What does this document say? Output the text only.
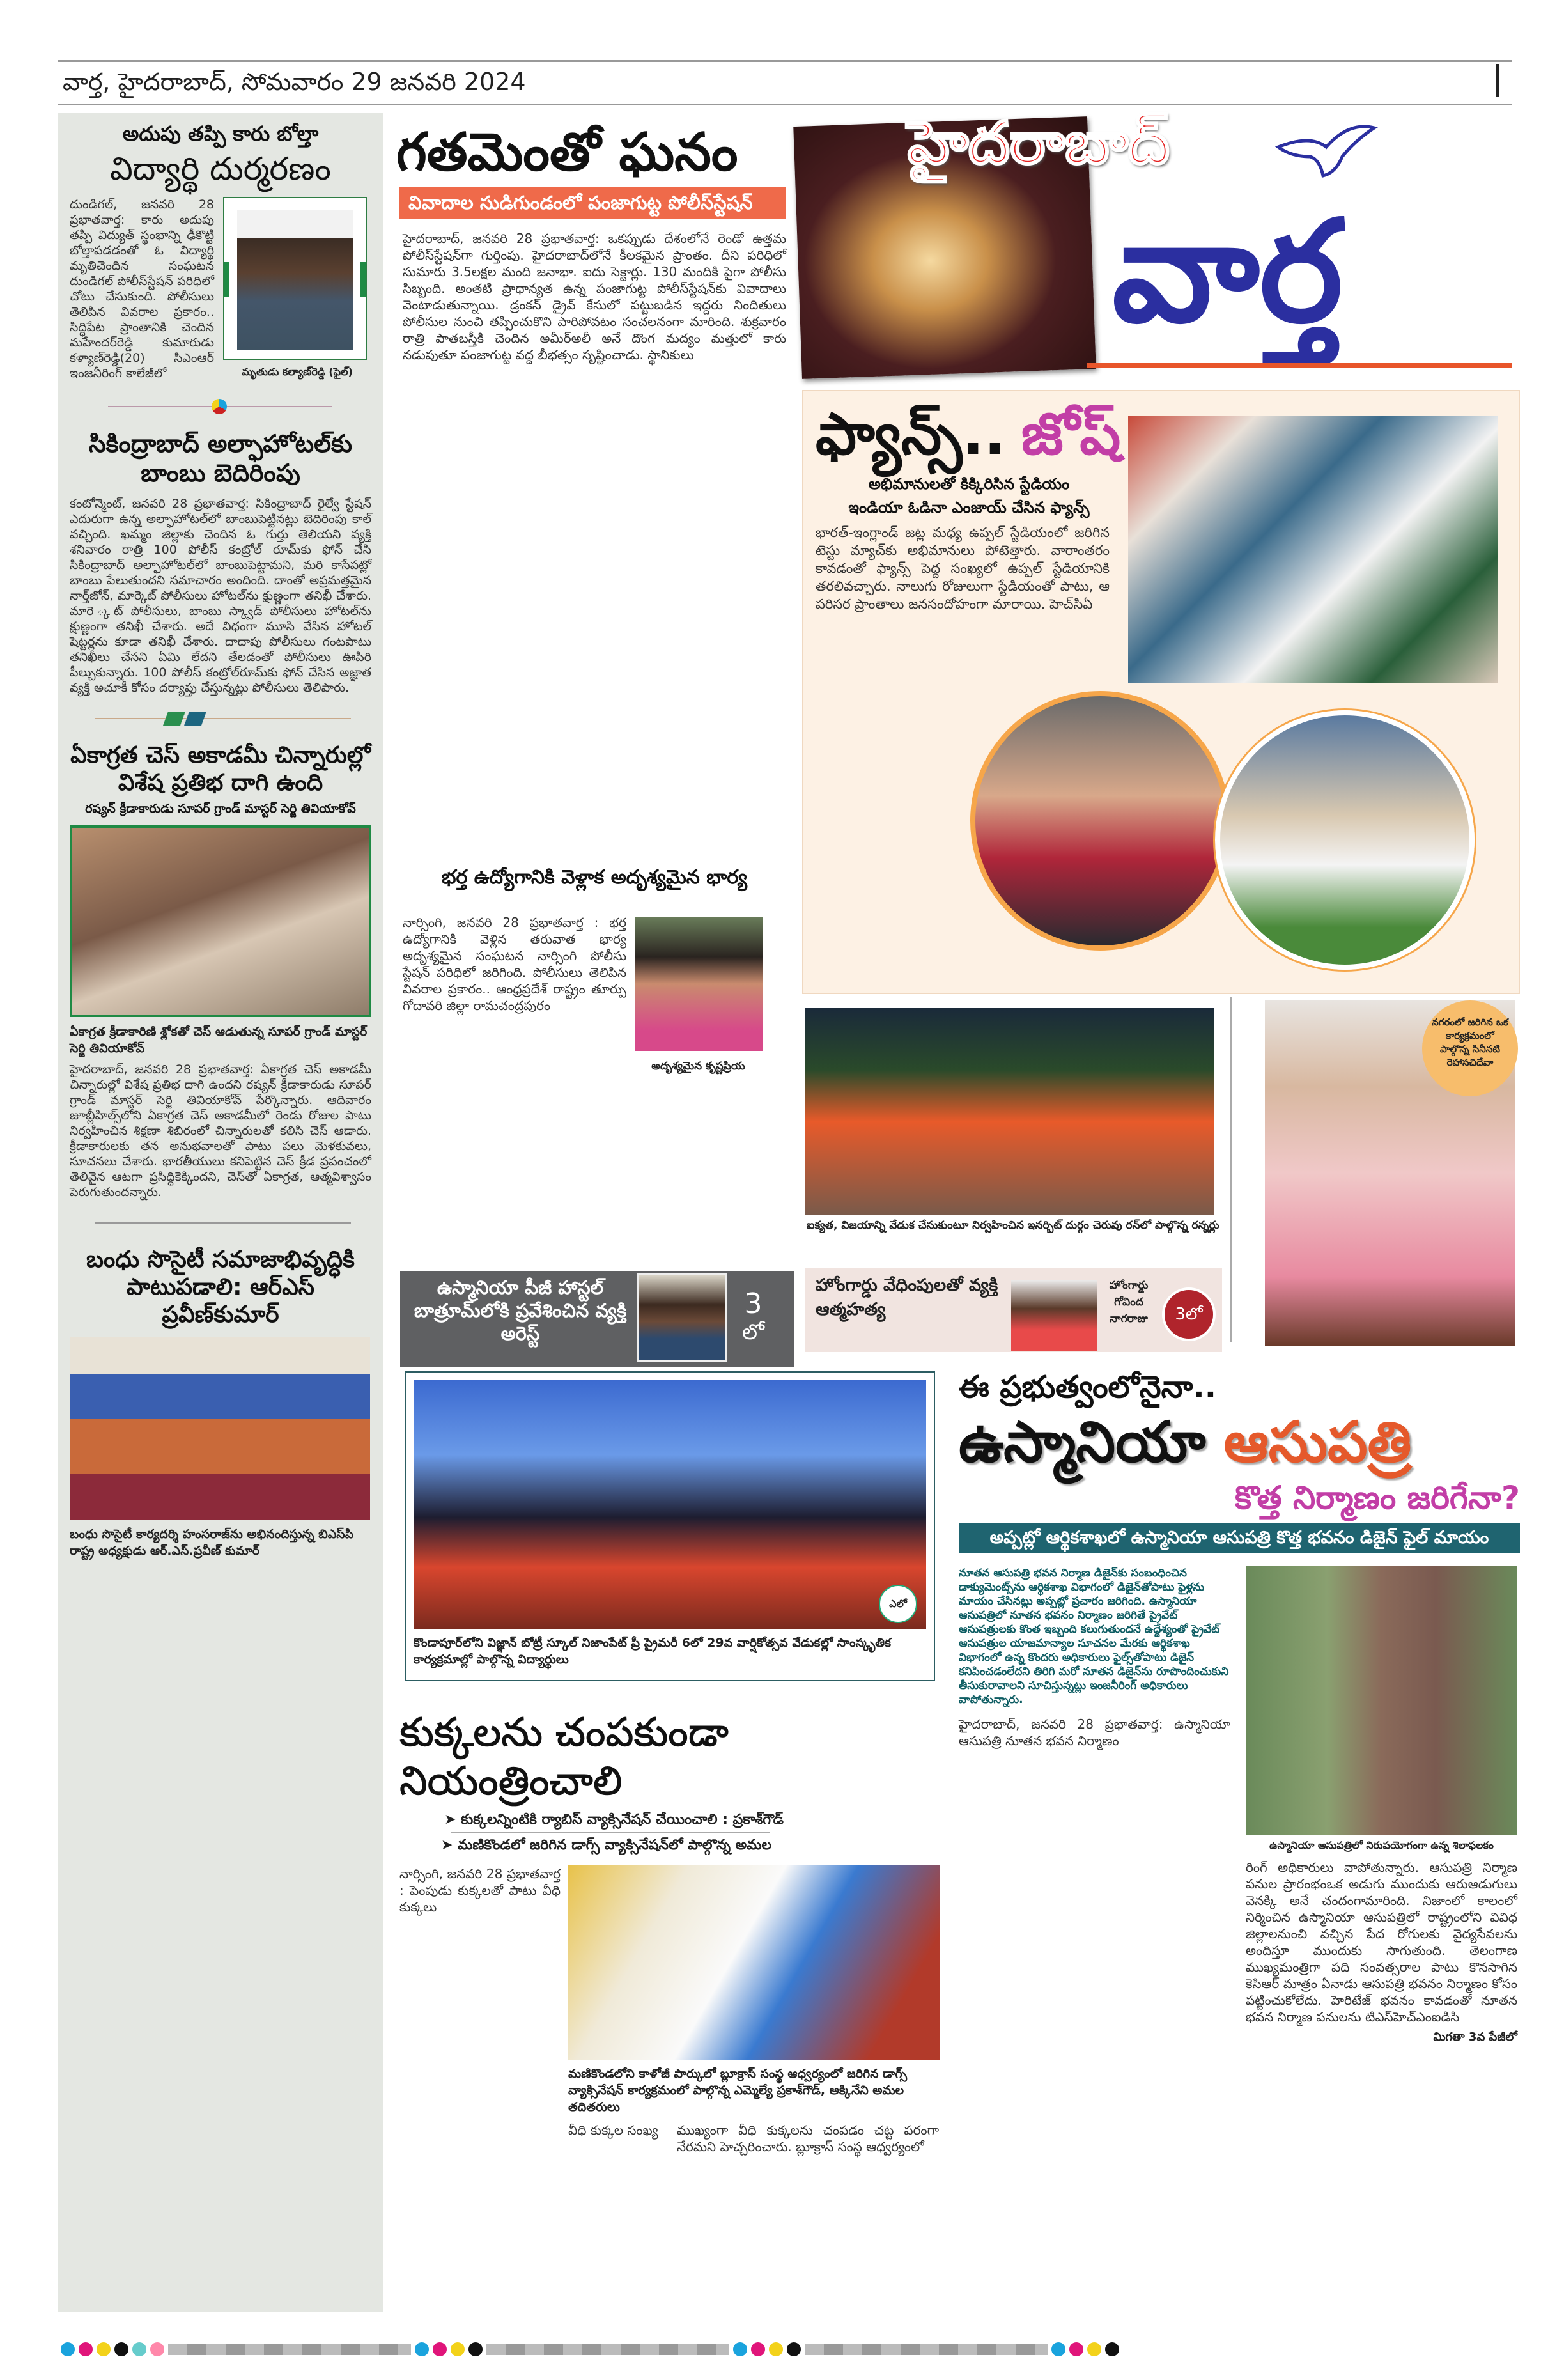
వార్త, హైదరాబాద్, సోమవారం 29 జనవరి 2024
అదుపు తప్పి కారు బోల్తా
విద్యార్థి దుర్మరణం
దుండిగల్, జనవరి 28 ప్రభాతవార్త: కారు అదుపు తప్పి విద్యుత్ స్థంభాన్ని ఢీకొట్టి బోల్తాపడడంతో ఓ విద్యార్థి మృతిచెందిన సంఘటన దుండిగల్ పోలీస్‌స్టేషన్ పరిధిలో చోటు చేసుకుంది. పోలీసులు తెలిపిన వివరాల ప్రకారం.. సిద్ధిపేట ప్రాంతానికి చెందిన మహేందర్‌రెడ్డి కుమారుడు కళ్యాణ్‌రెడ్డి(20) సిఎంఆర్ ఇంజనీరింగ్ కాలేజీలో	మృతుడు కల్యాణ్‌రెడ్డి (ఫైల్)
సికింద్రాబాద్ అల్ఫాహోటల్‌కు బాంబు బెదిరింపు
కంటోన్మెంట్, జనవరి 28 ప్రభాతవార్త: సికింద్రాబాద్ రైల్వే స్టేషన్ ఎదురుగా ఉన్న అల్ఫాహోటల్‌లో బాంబుపెట్టినట్లు బెదిరింపు కాల్ వచ్చింది. ఖమ్మం జిల్లాకు చెందిన ఓ గుర్తు తెలియని వ్యక్తి శనివారం రాత్రి 100 పోలీస్ కంట్రోల్ రూమ్‌కు ఫోన్ చేసి సికింద్రాబాద్ అల్ఫాహోటల్‌లో బాంబుపెట్టామని, మరి కాసేపట్లో బాంబు పేలుతుందని సమాచారం అందింది. దాంతో అప్రమత్తమైన నార్త్‌జోన్, మార్కెట్ పోలీసులు హోటల్‌ను క్షుణ్ణంగా తనిఖీ చేశారు. మారె ్కట్ పోలీసులు, బాంబు స్క్వాడ్ పోలీసులు హోటల్‌ను క్షుణ్ణంగా తనిఖీ చేశారు. అదే విధంగా మూసి వేసిన హోటల్ షెట్టర్లను కూడా తనిఖీ చేశారు. దాదాపు పోలీసులు గంటపాటు తనిఖీలు చేసని ఏమి లేదని తేలడంతో పోలీసులు ఊపిరి పీల్చుకున్నారు. 100 పోలీస్ కంట్రోల్‌రూమ్‌కు ఫోన్ చేసిన అజ్ఞాత వ్యక్తి అచూకీ కోసం దర్యాప్తు చేస్తున్నట్లు పోలీసులు తెలిపారు.
ఏకాగ్రత చెస్ అకాడమీ చిన్నారుల్లో విశేష ప్రతిభ దాగి ఉంది
రష్యన్ క్రీడాకారుడు సూపర్ గ్రాండ్ మాస్టర్ సెర్జి తివియాకోవ్
ఏకాగ్రత క్రీడాకారిణి శ్లోకతో చెస్ ఆడుతున్న సూపర్ గ్రాండ్ మాస్టర్ సెర్జి తివియాకోవ్
హైదరాబాద్, జనవరి 28 ప్రభాతవార్త: ఏకాగ్రత చెస్ అకాడమీ చిన్నారుల్లో విశేష ప్రతిభ దాగి ఉందని రష్యన్ క్రీడాకారుడు సూపర్ గ్రాండ్ మాస్టర్ సెర్జి తివియాకోవ్ పేర్కొన్నారు. ఆదివారం జూబ్లీహిల్స్‌లోని ఏకాగ్రత చెస్ అకాడమీలో రెండు రోజుల పాటు నిర్వహించిన శిక్షణా శిబిరంలో చిన్నారులతో కలిసి చెస్ ఆడారు. క్రీడాకారులకు తన అనుభవాలతో పాటు పలు మెళకువలు, సూచనలు చేశారు. భారతీయులు కనిపెట్టిన చెస్ క్రీడ ప్రపంచంలో తెలివైన ఆటగా ప్రసిద్ధికెక్కిందని, చెస్‌తో ఏకాగ్రత, ఆత్మవిశ్వాసం పెరుగుతుందన్నారు.
బంధు సొసైటీ సమాజాభివృద్ధికి పాటుపడాలి: ఆర్‌ఎస్ ప్రవీణ్‌కుమార్
బంధు సొసైటీ కార్యదర్శి హంసరాజ్‌ను అభినందిస్తున్న బిఎస్‌పి రాష్ట్ర అధ్యక్షుడు ఆర్.ఎస్.ప్రవీణ్ కుమార్
గతమెంతో ఘనం
వివాదాల సుడిగుండంలో పంజాగుట్ట పోలీస్‌స్టేషన్
హైదరాబాద్, జనవరి 28 ప్రభాతవార్త: ఒకప్పుడు దేశంలోనే రెండో ఉత్తమ పోలీస్‌స్టేషన్‌గా గుర్తింపు. హైదరాబాద్‌లోనే కీలకమైన ప్రాంతం. దీని పరిధిలో సుమారు 3.5లక్షల మంది జనాభా. ఐదు సెక్టార్లు. 130 మందికి పైగా పోలీసు సిబ్బంది. అంతటి ప్రాధాన్యత ఉన్న పంజాగుట్ట పోలీస్‌స్టేషన్‌కు వివాదాలు వెంటాడుతున్నాయి. డ్రంకన్ డ్రైవ్ కేసులో పట్టుబడిన ఇద్దరు నిందితులు పోలీసుల నుంచి తప్పించుకొని పారిపోవటం సంచలనంగా మారింది. శుక్రవారం రాత్రి పాతబస్తీకి చెందిన అమీర్‌అలీ అనే దొంగ మద్యం మత్తులో కారు నడుపుతూ పంజాగుట్ట వద్ద బీభత్సం సృష్టించాడు. స్థానికులు
భర్త ఉద్యోగానికి వెళ్లాక అదృశ్యమైన భార్య
నార్సింగి, జనవరి 28 ప్రభాతవార్త : భర్త ఉద్యోగానికి వెళ్లిన తరువాత భార్య అదృశ్యమైన సంఘటన నార్సింగి పోలీసు స్టేషన్ పరిధిలో జరిగింది. పోలీసులు తెలిపిన వివరాల ప్రకారం.. ఆంధ్రప్రదేశ్ రాష్ట్రం తూర్పు గోదావరి జిల్లా రామచంద్రపురం
అదృశ్యమైన కృష్ణప్రియ
ఉస్మానియా పీజీ హాస్టల్ బాత్రూమ్‌లోకి ప్రవేశించిన వ్యక్తి అరెస్ట్
3
లో
ఎలో
కొండాపూర్‌లోని విజ్ఞాన్ బోట్రీ స్కూల్ నిజాంపేట్ ప్రీ ప్రైమరీ 6లో 29వ వార్షికోత్సవ వేడుకల్లో సాంస్కృతిక కార్యక్రమాల్లో పాల్గొన్న విద్యార్థులు
కుక్కలను చంపకుండా నియంత్రించాలి
➤ కుక్కలన్నింటికి ర్యాబిస్ వ్యాక్సినేషన్ చేయించాలి : ప్రకాశ్‌గౌడ్
➤ మణికొండలో జరిగిన డాగ్స్ వ్యాక్సినేషన్‌లో పాల్గొన్న అమల
నార్సింగి, జనవరి 28 ప్రభాతవార్త : పెంపుడు కుక్కలతో పాటు వీధి కుక్కలు
మణికొండలోని కాళోజీ పార్కులో బ్లూక్రాస్ సంస్థ ఆధ్వర్యంలో జరిగిన డాగ్స్ వ్యాక్సినేషన్ కార్యక్రమంలో పాల్గొన్న ఎమ్మెల్యే ప్రకాశ్‌గౌడ్, అక్కినేని అమల తదితరులు
వీధి కుక్కల సంఖ్య	ముఖ్యంగా వీధి కుక్కలను చంపడం చట్ట పరంగా నేరమని హెచ్చరించారు. బ్లూక్రాస్ సంస్థ ఆధ్వర్యంలో
హైదరాబాద్
వార్త
ఫ్యాన్స్.. జోష్
అభిమానులతో కిక్కిరిసిన స్టేడియం
ఇండియా ఓడినా ఎంజాయ్ చేసిన ఫ్యాన్స్
భారత్-ఇంగ్లాండ్ జట్ల మధ్య ఉప్పల్ స్టేడియంలో జరిగిన టెస్టు మ్యాచ్‌కు అభిమానులు పోటెత్తారు. వారాంతరం కావడంతో ఫ్యాన్స్ పెద్ద సంఖ్యలో ఉప్పల్ స్టేడియానికి తరలివచ్చారు. నాలుగు రోజులుగా స్టేడియంతో పాటు, ఆ పరిసర ప్రాంతాలు జనసందోహంగా మారాయి. హెచ్‌సిఏ
ఐక్యత, విజయాన్ని వేడుక చేసుకుంటూ నిర్వహించిన ఇనర్బిట్ దుర్గం చెరువు రన్‌లో పాల్గొన్న రన్నర్లు
నగరంలో జరిగిన ఒక కార్యక్రమంలో పాల్గొన్న సినీనటి రెహాసచిదేవా
హోంగార్డు వేధింపులతో వ్యక్తి ఆత్మహత్య
హోంగార్డు గోవింద నాగరాజు	3లో
ఈ ప్రభుత్వంలోనైనా..
ఉస్మానియా ఆసుపత్రి
కొత్త నిర్మాణం జరిగేనా?
అప్పట్లో ఆర్థికశాఖలో ఉస్మానియా ఆసుపత్రి కొత్త భవనం డిజైన్ ఫైల్ మాయం
నూతన ఆసుపత్రి భవన నిర్మాణ డిజైన్‌కు సంబంధించిన డాక్యుమెంట్స్‌ను ఆర్థికశాఖ విభాగంలో డిజైన్‌తోపాటు ఫైళ్లను మాయం చేసినట్లు అప్పట్లో ప్రచారం జరిగింది. ఉస్మానియా ఆసుపత్రిలో నూతన భవనం నిర్మాణం జరిగితే ప్రైవేట్ ఆసుపత్రులకు కొంత ఇబ్బంది కలుగుతుందనే ఉద్దేశ్యంతో ప్రైవేట్ ఆసుపత్రుల యాజమాన్యాల సూచనల మేరకు ఆర్థికశాఖ విభాగంలో ఉన్న కొందరు అధికారులు ఫైల్స్‌తోపాటు డిజైన్ కనిపించడంలేదని తిరిగి మరో నూతన డిజైన్‌ను రూపొందించుకుని తీసుకురావాలని సూచిస్తున్నట్లు ఇంజనీరింగ్ అధికారులు వాపోతున్నారు.
హైదరాబాద్, జనవరి 28 ప్రభాతవార్త: ఉస్మానియా ఆసుపత్రి నూతన భవన నిర్మాణం
ఉస్మానియా ఆసుపత్రిలో నిరుపయోగంగా ఉన్న శిలాఫలకం
రింగ్ అధికారులు వాపోతున్నారు. ఆసుపత్రి నిర్మాణ పనుల ప్రారంభంఒక అడుగు ముందుకు ఆరుఆడుగులు వెనక్కి అనే చందంగామారింది. నిజాంలో కాలంలో నిర్మించిన ఉస్మానియా ఆసుపత్రిలో రాష్ట్రంలోని వివిధ జిల్లాలనుంచి వచ్చిన పేద రోగులకు వైద్యసేవలను అందిస్తూ ముందుకు సాగుతుంది. తెలంగాణ ముఖ్యమంత్రిగా పది సంవత్సరాల పాటు కొనసాగిన కెసిఆర్ మాత్రం ఏనాడు ఆసుపత్రి భవనం నిర్మాణం కోసం పట్టించుకోలేదు. హెరిటేజ్ భవనం కావడంతో నూతన భవన నిర్మాణ పనులను టిఎస్‌హెచ్ఎంఐడిసి
మిగతా 3వ పేజీలో
